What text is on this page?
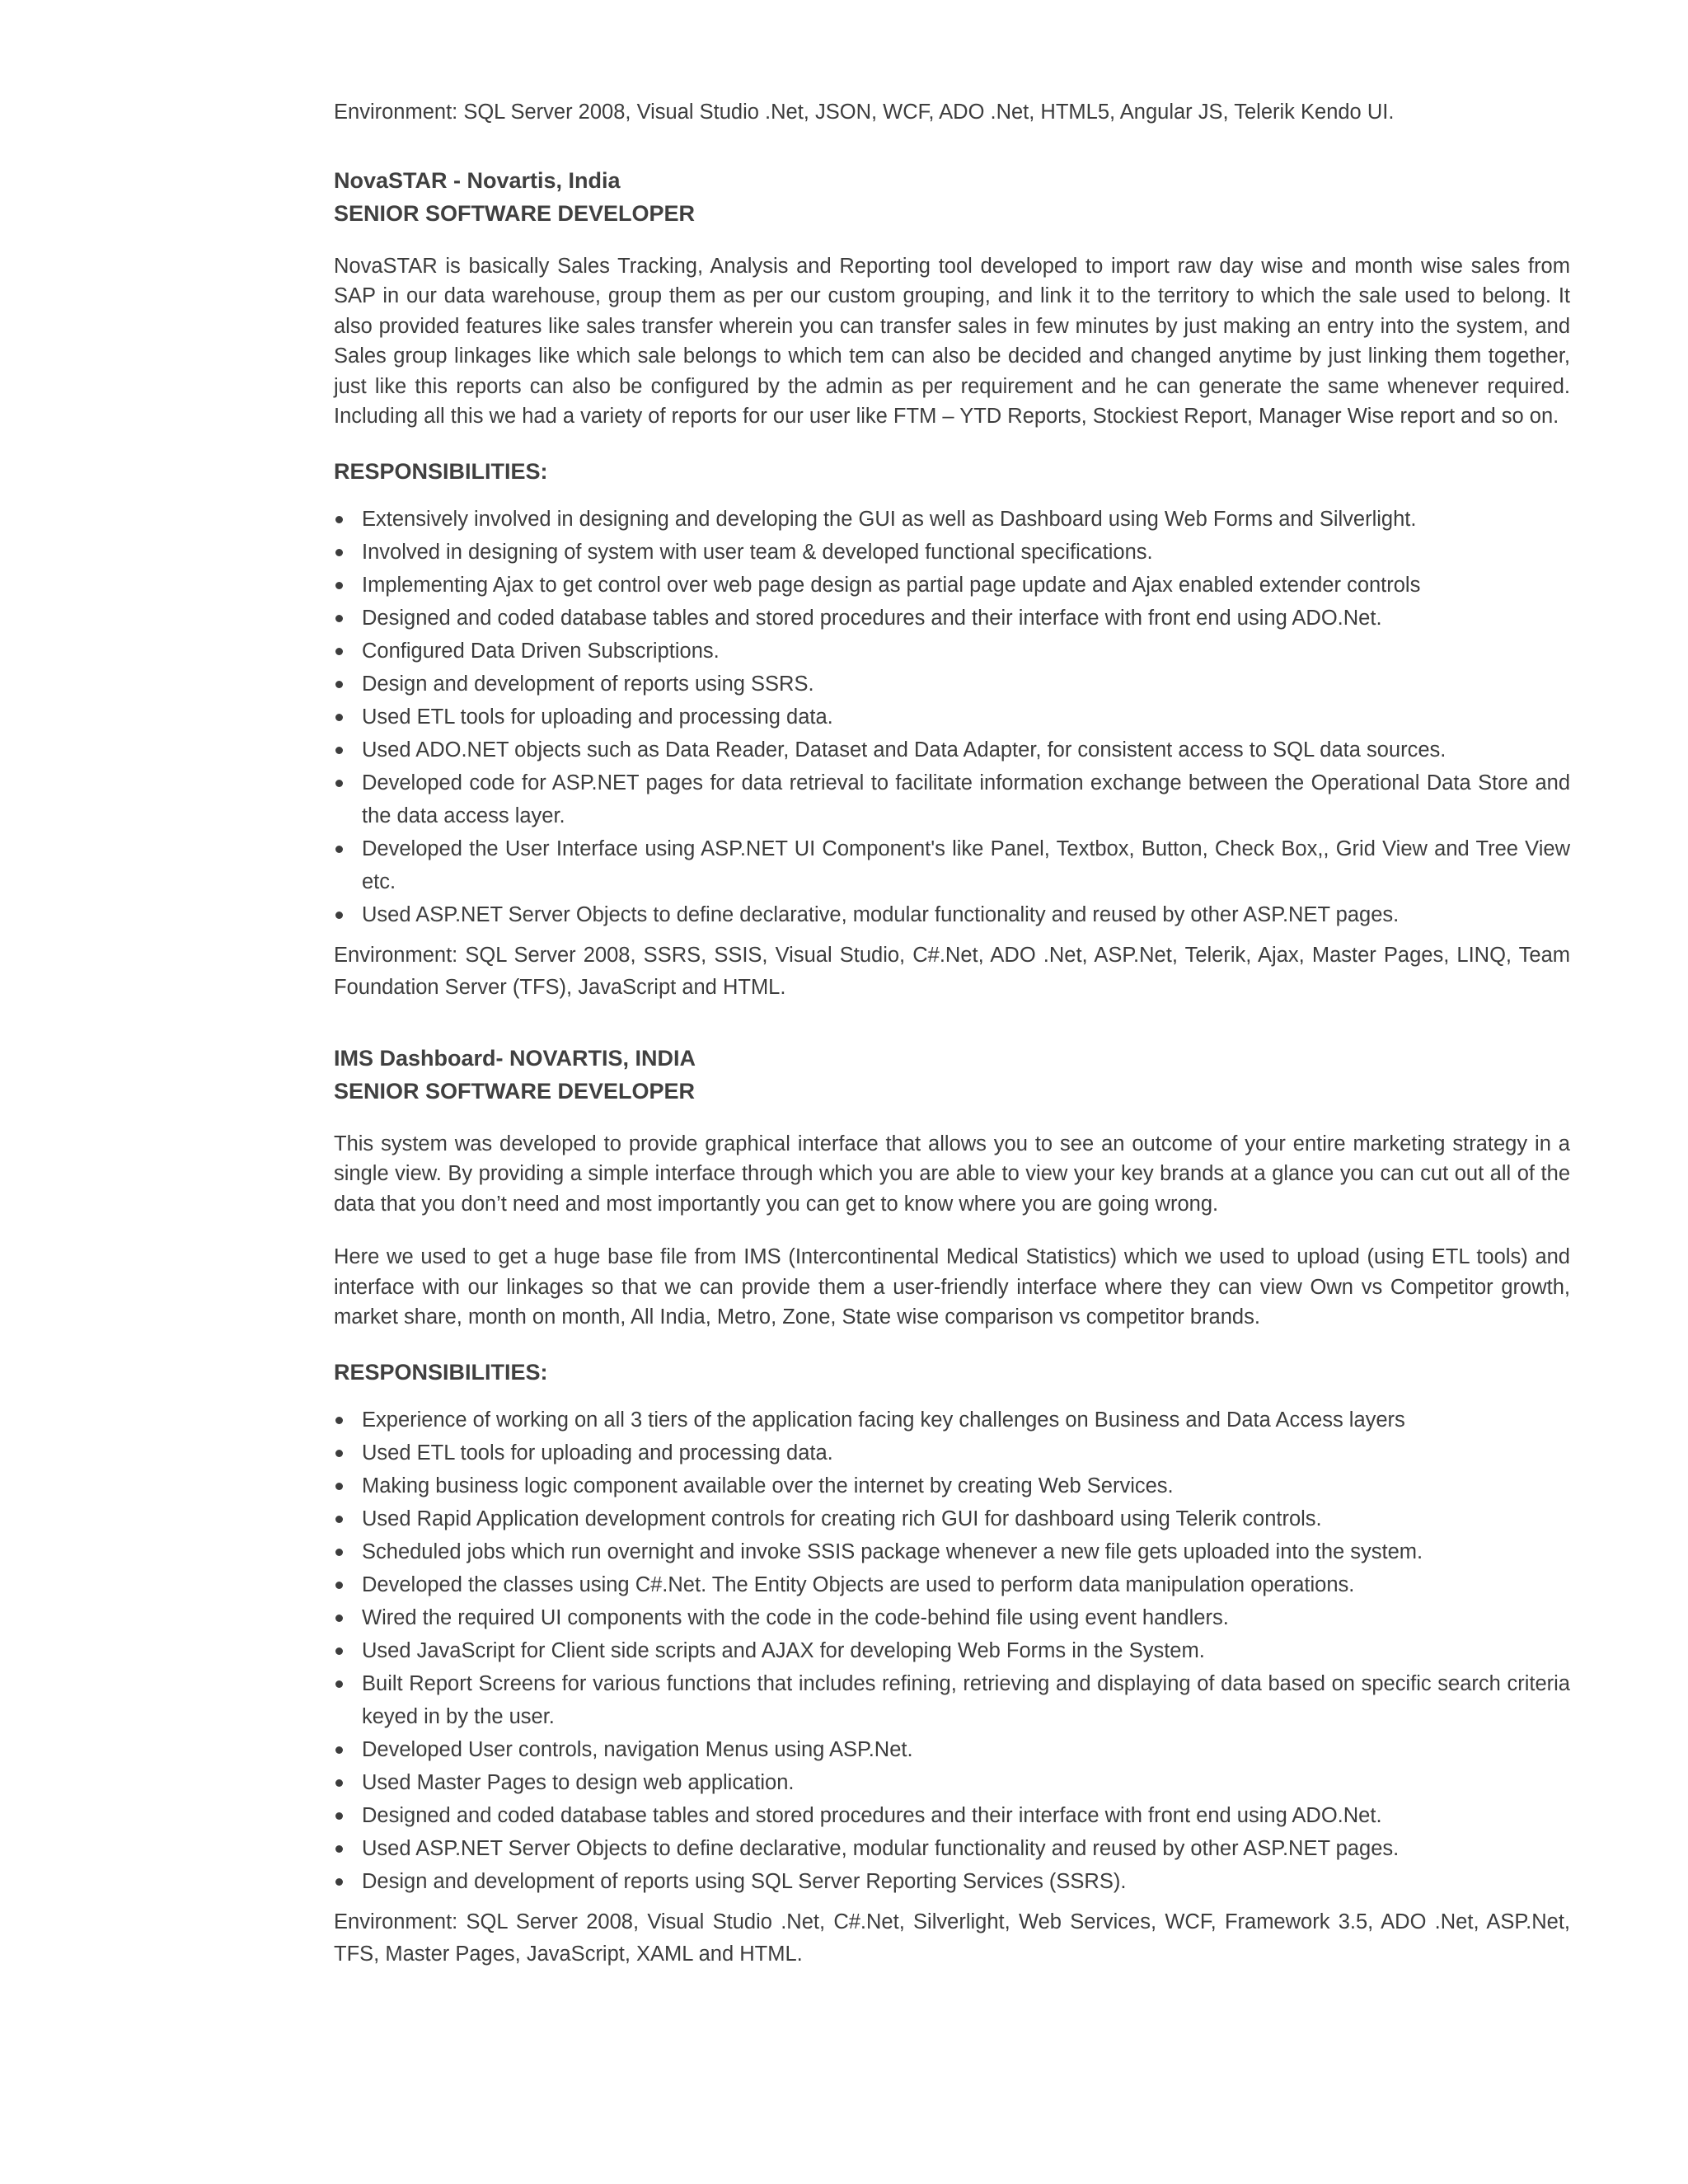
Environment: SQL Server 2008, Visual Studio .Net, JSON, WCF, ADO .Net, HTML5, Angular JS, Telerik Kendo UI.

NovaSTAR - Novartis, India
SENIOR SOFTWARE DEVELOPER

NovaSTAR is basically Sales Tracking, Analysis and Reporting tool developed to import raw day wise and month wise sales from SAP in our data warehouse, group them as per our custom grouping, and link it to the territory to which the sale used to belong. It also provided features like sales transfer wherein you can transfer sales in few minutes by just making an entry into the system, and Sales group linkages like which sale belongs to which tem can also be decided and changed anytime by just linking them together, just like this reports can also be configured by the admin as per requirement and he can generate the same whenever required. Including all this we had a variety of reports for our user like FTM – YTD Reports, Stockiest Report, Manager Wise report and so on.

RESPONSIBILITIES:
Extensively involved in designing and developing the GUI as well as Dashboard using Web Forms and Silverlight.
Involved in designing of system with user team & developed functional specifications.
Implementing Ajax to get control over web page design as partial page update and Ajax enabled extender controls
Designed and coded database tables and stored procedures and their interface with front end using ADO.Net.
Configured Data Driven Subscriptions.
Design and development of reports using SSRS.
Used ETL tools for uploading and processing data.
Used ADO.NET objects such as Data Reader, Dataset and Data Adapter, for consistent access to SQL data sources.
Developed code for ASP.NET pages for data retrieval to facilitate information exchange between the Operational Data Store and the data access layer.
Developed the User Interface using ASP.NET UI Component's like Panel, Textbox, Button, Check Box,, Grid View and Tree View etc.
Used ASP.NET Server Objects to define declarative, modular functionality and reused by other ASP.NET pages.

Environment: SQL Server 2008, SSRS, SSIS, Visual Studio, C#.Net, ADO .Net, ASP.Net, Telerik, Ajax, Master Pages, LINQ, Team Foundation Server (TFS), JavaScript and HTML.

IMS Dashboard- NOVARTIS, INDIA
SENIOR SOFTWARE DEVELOPER

This system was developed to provide graphical interface that allows you to see an outcome of your entire marketing strategy in a single view. By providing a simple interface through which you are able to view your key brands at a glance you can cut out all of the data that you don’t need and most importantly you can get to know where you are going wrong.

Here we used to get a huge base file from IMS (Intercontinental Medical Statistics) which we used to upload (using ETL tools) and interface with our linkages so that we can provide them a user-friendly interface where they can view Own vs Competitor growth, market share, month on month, All India, Metro, Zone, State wise comparison vs competitor brands.

RESPONSIBILITIES:
Experience of working on all 3 tiers of the application facing key challenges on Business and Data Access layers
Used ETL tools for uploading and processing data.
Making business logic component available over the internet by creating Web Services.
Used Rapid Application development controls for creating rich GUI for dashboard using Telerik controls.
Scheduled jobs which run overnight and invoke SSIS package whenever a new file gets uploaded into the system.
Developed the classes using C#.Net. The Entity Objects are used to perform data manipulation operations.
Wired the required UI components with the code in the code-behind file using event handlers.
Used JavaScript for Client side scripts and AJAX for developing Web Forms in the System.
Built Report Screens for various functions that includes refining, retrieving and displaying of data based on specific search criteria keyed in by the user.
Developed User controls, navigation Menus using ASP.Net.
Used Master Pages to design web application.
Designed and coded database tables and stored procedures and their interface with front end using ADO.Net.
Used ASP.NET Server Objects to define declarative, modular functionality and reused by other ASP.NET pages.
Design and development of reports using SQL Server Reporting Services (SSRS).

Environment: SQL Server 2008, Visual Studio .Net, C#.Net, Silverlight, Web Services, WCF, Framework 3.5, ADO .Net, ASP.Net, TFS, Master Pages, JavaScript, XAML and HTML.
